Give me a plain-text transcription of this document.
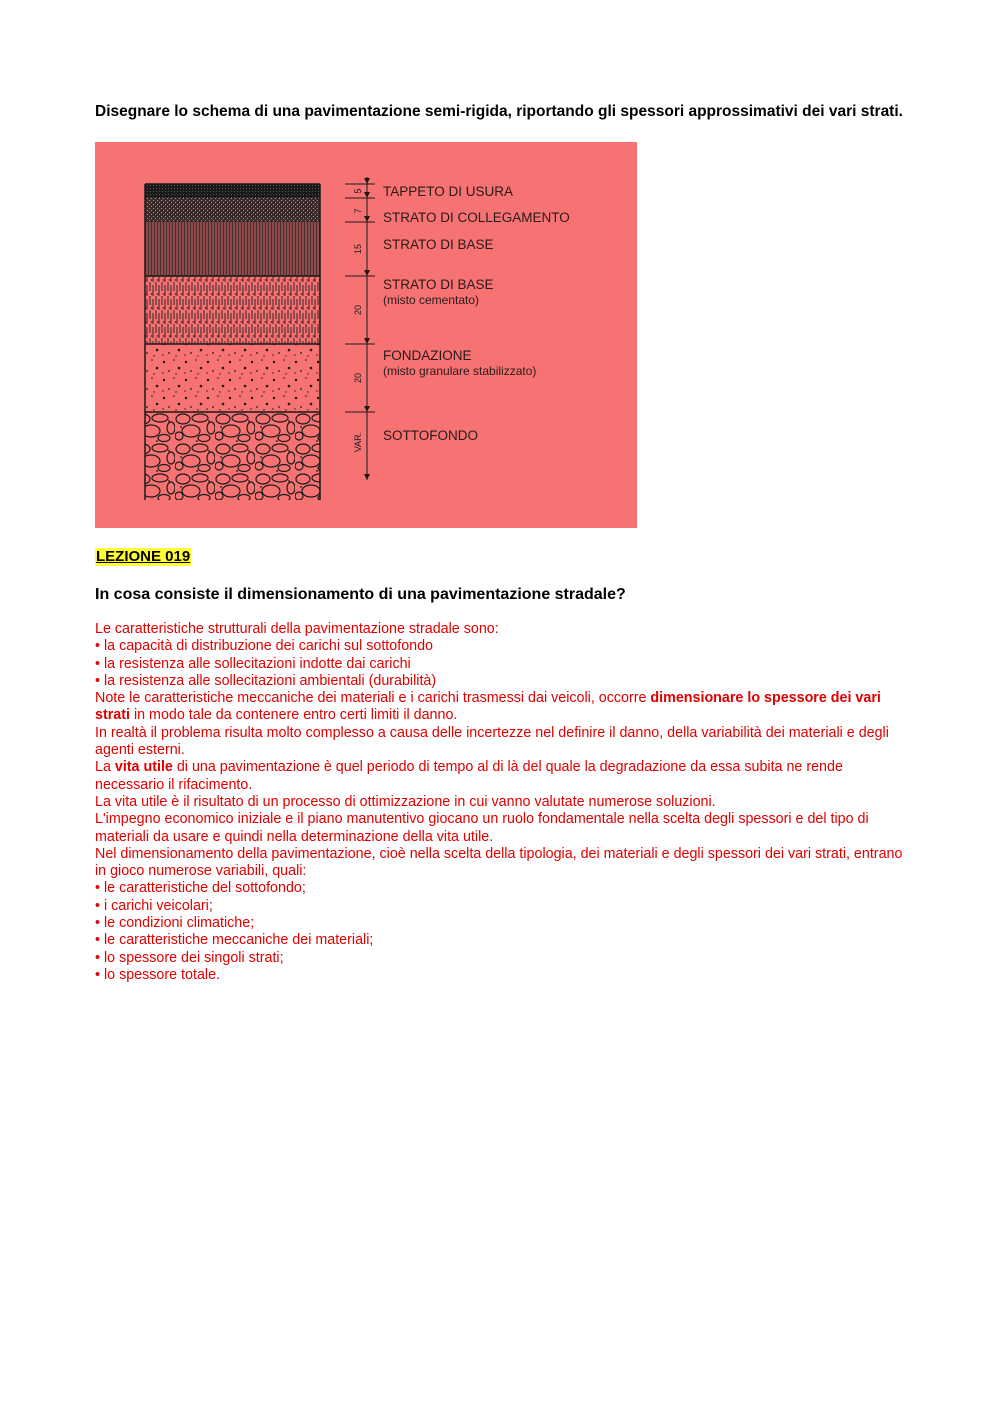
Disegnare lo schema di una pavimentazione semi-rigida, riportando gli spessori approssimativi dei vari strati.

5
7
15
20
20
VAR.
TAPPETO DI USURA
STRATO DI COLLEGAMENTO
STRATO DI BASE
STRATO DI BASE
(misto cementato)
FONDAZIONE
(misto granulare stabilizzato)
SOTTOFONDO
LEZIONE 019
In cosa consiste il dimensionamento di una pavimentazione stradale?

Le caratteristiche strutturali della pavimentazione stradale sono:

• la capacità di distribuzione dei carichi sul sottofondo

• la resistenza alle sollecitazioni indotte dai carichi

• la resistenza alle sollecitazioni ambientali (durabilità)

Note le caratteristiche meccaniche dei materiali e i carichi trasmessi dai veicoli, occorre dimensionare lo spessore dei vari strati in modo tale da contenere entro certi limiti il danno.

In realtà il problema risulta molto complesso a causa delle incertezze nel definire il danno, della variabilità dei materiali e degli agenti esterni.

La vita utile di una pavimentazione è quel periodo di tempo al di là del quale la degradazione da essa subita ne rende necessario il rifacimento.

La vita utile è il risultato di un processo di ottimizzazione in cui vanno valutate numerose soluzioni.

L'impegno economico iniziale e il piano manutentivo giocano un ruolo fondamentale nella scelta degli spessori e del tipo di materiali da usare e quindi nella determinazione della vita utile.

Nel dimensionamento della pavimentazione, cioè nella scelta della tipologia, dei materiali e degli spessori dei vari strati, entrano in gioco numerose variabili, quali:

• le caratteristiche del sottofondo;

• i carichi veicolari;

• le condizioni climatiche;

• le caratteristiche meccaniche dei materiali;

• lo spessore dei singoli strati;

• lo spessore totale.
